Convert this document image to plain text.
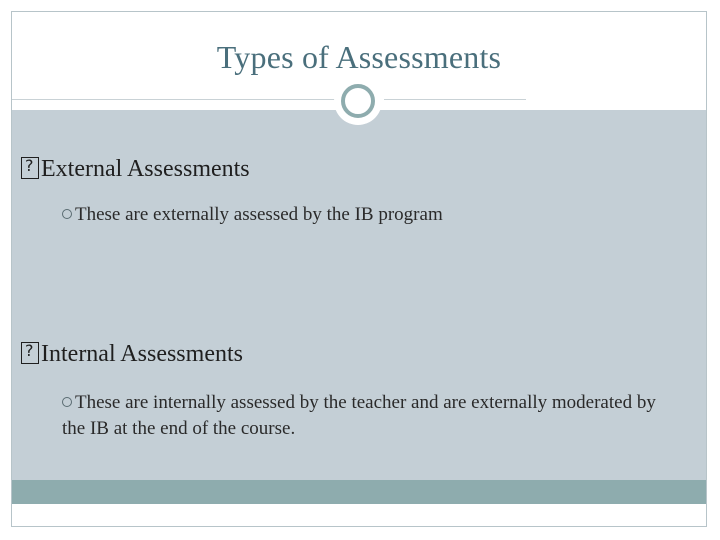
Types of Assessments
?External Assessments
These are externally assessed by the IB program
?Internal Assessments
These are internally assessed by the teacher and are externally moderated by the IB at the end of the course.
